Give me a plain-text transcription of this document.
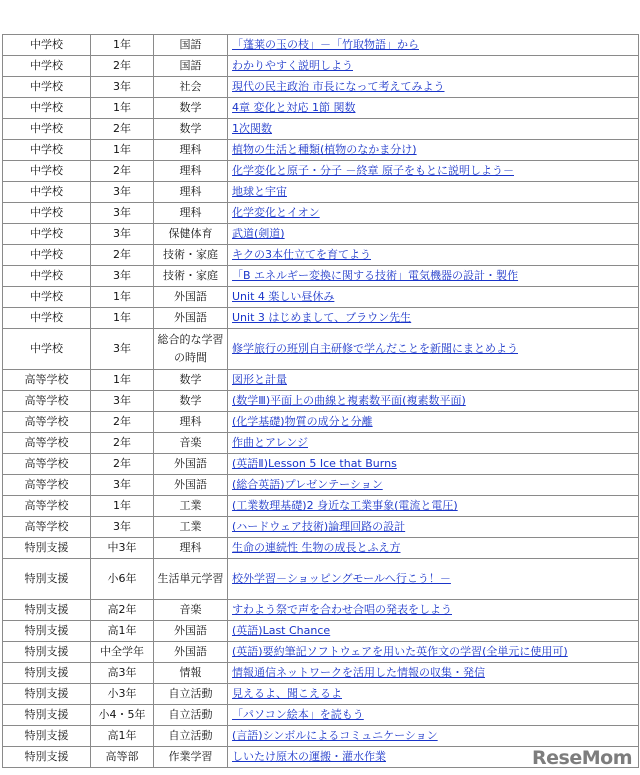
中学校	1年	国語	「蓬莱の玉の枝」－「竹取物語」から
中学校	2年	国語	わかりやすく説明しよう
中学校	3年	社会	現代の民主政治 市長になって考えてみよう
中学校	1年	数学	4章 変化と対応 1節 関数
中学校	2年	数学	1次関数
中学校	1年	理科	植物の生活と種類(植物のなかま分け)
中学校	2年	理科	化学変化と原子・分子 －終章 原子をもとに説明しよう－
中学校	3年	理科	地球と宇宙
中学校	3年	理科	化学変化とイオン
中学校	3年	保健体育	武道(剣道)
中学校	2年	技術・家庭	キクの3本仕立てを育てよう
中学校	3年	技術・家庭	「B エネルギー変換に関する技術」電気機器の設計・製作
中学校	1年	外国語	Unit 4 楽しい昼休み
中学校	1年	外国語	Unit 3 はじめまして、ブラウン先生
中学校	3年	総合的な学習の時間	修学旅行の班別自主研修で学んだことを新聞にまとめよう
高等学校	1年	数学	図形と計量
高等学校	3年	数学	(数学Ⅲ)平面上の曲線と複素数平面(複素数平面)
高等学校	2年	理科	(化学基礎)物質の成分と分離
高等学校	2年	音楽	作曲とアレンジ
高等学校	2年	外国語	(英語Ⅱ)Lesson 5 Ice that Burns
高等学校	3年	外国語	(総合英語)プレゼンテーション
高等学校	1年	工業	(工業数理基礎)2 身近な工業事象(電流と電圧)
高等学校	3年	工業	(ハードウェア技術)論理回路の設計
特別支援	中3年	理科	生命の連続性 生物の成長とふえ方
特別支援	小6年	生活単元学習	校外学習－ショッピングモールへ行こう！－
特別支援	高2年	音楽	すわよう祭で声を合わせ合唱の発表をしよう
特別支援	高1年	外国語	(英語)Last Chance
特別支援	中全学年	外国語	(英語)要約筆記ソフトウェアを用いた英作文の学習(全単元に使用可)
特別支援	高3年	情報	情報通信ネットワークを活用した情報の収集・発信
特別支援	小3年	自立活動	見えるよ、聞こえるよ
特別支援	小4・5年	自立活動	「パソコン絵本」を読もう
特別支援	高1年	自立活動	(言語)シンボルによるコミュニケーション
特別支援	高等部	作業学習	しいたけ原木の運搬・灌水作業	ReseMom
